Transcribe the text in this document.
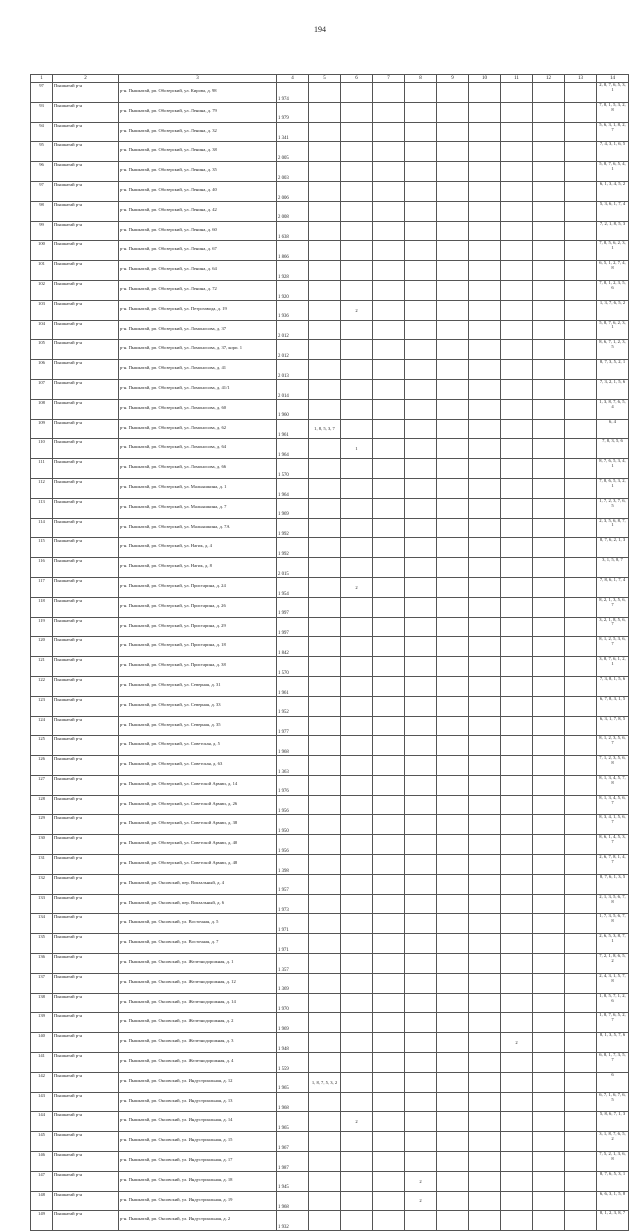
194
1	2	3	4	5	6	7	8	9	10	11	12	13	14
97	Пышкатай р-н	р-н. Пышкатай, рп. Обозерский, ул. Кирова, д. 98	1 974										2, 8, 7, 6, 5, 3, 1
93	Пышкатай р-н	р-н. Пышкатай, рп. Обозерский, ул. Ленина, д. 79	1 979										7, 8, 1, 5, 3, 2, 8
94	Пышкатай р-н	р-н. Пышкатай, рп. Обозерский, ул. Ленина, д. 32	1 341										5, 6, 3, 1, 8, 2, 7
95	Пышкатай р-н	р-н. Пышкатай, рп. Обозерский, ул. Ленина, д. 38	2 005										7, 4, 3, 1, 6, 5
96	Пышкатай р-н	р-н. Пышкатай, рп. Обозерский, ул. Ленина, д. 35	2 003										5, 8, 7, 6, 5, 4, 1
97	Пышкатай р-н	р-н. Пышкатай, рп. Обозерский, ул. Ленина, д. 40	2 006										6, 1, 3, 4, 5, 2
98	Пышкатай р-н	р-н. Пышкатай, рп. Обозерский, ул. Ленина, д. 42	2 008										5, 3, 6, 1, 7, 4
99	Пышкатай р-н	р-н. Пышкатай, рп. Обозерский, ул. Ленина, д. 60	1 638										7, 2, 1, 8, 5, 3
100	Пышкатай р-н	р-н. Пышкатай, рп. Обозерский, ул. Ленина, д. 67	1 866										7, 8, 5, 6, 2, 3, 1
101	Пышкатай р-н	р-н. Пышкатай, рп. Обозерский, ул. Ленина, д. 64	1 928										6, 5, 1, 2, 7, 4, 8
102	Пышкатай р-н	р-н. Пышкатай, рп. Обозерский, ул. Ленина, д. 72	1 920										7, 8, 1, 2, 3, 5, 6
103	Пышкатай р-н	р-н. Пышкатай, рп. Обозерский, ул. Петрозавода, д. 19	1 936		2								1, 3, 7, 6, 5, 2
104	Пышкатай р-н	р-н. Пышкатай, рп. Обозерский, ул. Ломоносова, д. 37	2 012										5, 8, 7, 6, 2, 3, 1
105	Пышкатай р-н	р-н. Пышкатай, рп. Обозерский, ул. Ломоносова, д. 37, корп. 1	2 012										8, 6, 7, 1, 2, 3, 5
106	Пышкатай р-н	р-н. Пышкатай, рп. Обозерский, ул. Ломоносова, д. 41	2 013										8, 7, 3, 5, 2, 1
107	Пышкатай р-н	р-н. Пышкатай, рп. Обозерский, ул. Ломоносова, д. 41/1	2 014										7, 3, 2, 1, 5, 6
108	Пышкатай р-н	р-н. Пышкатай, рп. Обозерский, ул. Ломоносова, д. 60	1 960										1, 3, 8, 7, 6, 5, 4
109	Пышкатай р-н	р-н. Пышкатай, рп. Обозерский, ул. Ломоносова, д. 62	1 961	1, 8, 5, 3, 7									6, 4
110	Пышкатай р-н	р-н. Пышкатай, рп. Обозерский, ул. Ломоносова, д. 64	1 964		1								7, 8, 3, 5, 6
111	Пышкатай р-н	р-н. Пышкатай, рп. Обозерский, ул. Ломоносова, д. 66	1 570										8, 7, 6, 5, 3, 4, 1
112	Пышкатай р-н	р-н. Пышкатай, рп. Обозерский, ул. Мальышкина, д. 1	1 964										7, 8, 6, 5, 3, 2, 1
113	Пышкатай р-н	р-н. Пышкатай, рп. Обозерский, ул. Мальышкина, д. 7	1 969										1, 7, 2, 3, 7, 6, 5
114	Пышкатай р-н	р-н. Пышкатай, рп. Обозерский, ул. Мальышкина, д. 7А	1 992										2, 3, 5, 6, 8, 7, 1
115	Пышкатай р-н	р-н. Пышкатай, рп. Обозерский, ул. Нагик, д. 4	1 992										8, 7, 6, 2, 1, 3
116	Пышкатай р-н	р-н. Пышкатай, рп. Обозерский, ул. Нагик, д. 8	2 015										3, 1, 5, 8, 7
117	Пышкатай р-н	р-н. Пышкатай, рп. Обозерский, ул. Пристарина, д. 24	1 954		2								7, 8, 6, 1, 7, 4
118	Пышкатай р-н	р-н. Пышкатай, рп. Обозерский, ул. Пристарина, д. 26	1 997										8, 2, 1, 3, 5, 6, 7
119	Пышкатай р-н	р-н. Пышкатай, рп. Обозерский, ул. Пристарина, д. 29	1 997										3, 2, 1, 8, 5, 6, 7
120	Пышкатай р-н	р-н. Пышкатай, рп. Обозерский, ул. Пристарина, д. 18	1 842										8, 1, 2, 5, 3, 6, 7
121	Пышкатай р-н	р-н. Пышкатай, рп. Обозерский, ул. Пристарина, д. 38	1 570										3, 8, 7, 6, 1, 2, 1
122	Пышкатай р-н	р-н. Пышкатай, рп. Обозерский, ул. Северная, д. 31	1 961										7, 3, 8, 1, 5, 6
123	Пышкатай р-н	р-н. Пышкатай, рп. Обозерский, ул. Северная, д. 33	1 952										6, 7, 8, 3, 1, 5
124	Пышкатай р-н	р-н. Пышкатай, рп. Обозерский, ул. Северная, д. 35	1 977										6, 3, 1, 7, 8, 5
125	Пышкатай р-н	р-н. Пышкатай, рп. Обозерский, ул. Советская, д. 5	1 968										8, 1, 2, 3, 5, 6, 7
126	Пышкатай р-н	р-н. Пышкатай, рп. Обозерский, ул. Советская, д. 63	1 363										7, 1, 2, 3, 5, 6, 8
127	Пышкатай р-н	р-н. Пышкатай, рп. Обозерский, ул. Советской Армии, д. 14	1 976										8, 1, 3, 4, 5, 7, 8
128	Пышкатай р-н	р-н. Пышкатай, рп. Обозерский, ул. Советской Армии, д. 26	1 956										8, 1, 3, 4, 5, 6, 7
129	Пышкатай р-н	р-н. Пышкатай, рп. Обозерский, ул. Советской Армии, д. 38	1 950										8, 3, 4, 1, 5, 6, 7
130	Пышкатай р-н	р-н. Пышкатай, рп. Обозерский, ул. Советской Армии, д. 40	1 956										8, 6, 1, 4, 5, 3, 7
131	Пышкатай р-н	р-н. Пышкатай, рп. Обозерский, ул. Советской Армии, д. 48	1 398										2, 6, 7, 8, 1, 4, 7
132	Пышкатай р-н	р-н. Пышкатай, рп. Оксовский, пер. Вокзальный, д. 4	1 957										8, 7, 6, 1, 3, 5
133	Пышкатай р-н	р-н. Пышкатай, рп. Оксовский, пер. Вокзальный, д. 6	1 973										2, 1, 3, 5, 6, 7, 8
134	Пышкатай р-н	р-н. Пышкатай, рп. Оксовский, ул. Восточная, д. 5	1 971										1, 7, 3, 5, 6, 7, 8
135	Пышкатай р-н	р-н. Пышкатай, рп. Оксовский, ул. Восточная, д. 7	1 971										2, 6, 5, 3, 8, 7, 1
136	Пышкатай р-н	р-н. Пышкатай, рп. Оксовский, ул. Железнодорожная, д. 1	1 357										7, 2, 1, 8, 6, 5, 2
137	Пышкатай р-н	р-н. Пышкатай, рп. Оксовский, ул. Железнодорожная, д. 12	1 369										2, 4, 3, 1, 5, 7, 8
138	Пышкатай р-н	р-н. Пышкатай, рп. Оксовский, ул. Железнодорожная, д. 14	1 970										1, 8, 5, 7, 1, 2, 6
139	Пышкатай р-н	р-н. Пышкатай, рп. Оксовский, ул. Железнодорожная, д. 2	1 969										1, 8, 7, 6, 5, 2, 7
140	Пышкатай р-н	р-н. Пышкатай, рп. Оксовский, ул. Железнодорожная, д. 3	1 948							2			8, 1, 3, 5, 7, 6
141	Пышкатай р-н	р-н. Пышкатай, рп. Оксовский, ул. Железнодорожная, д. 4	1 559										6, 8, 1, 7, 3, 5, 7
142	Пышкатай р-н	р-н. Пышкатай, рп. Оксовский, ул. Индустриальная, д. 12	1 965	1, 8, 7, 5, 3, 2									6
143	Пышкатай р-н	р-н. Пышкатай, рп. Оксовский, ул. Индустриальная, д. 13	1 968										6, 7, 1, 6, 7, 6, 5
144	Пышкатай р-н	р-н. Пышкатай, рп. Оксовский, ул. Индустриальная, д. 14	1 965		2								5, 8, 6, 7, 1, 3
145	Пышкатай р-н	р-н. Пышкатай, рп. Оксовский, ул. Индустриальная, д. 15	1 967										3, 1, 8, 7, 6, 5, 2
146	Пышкатай р-н	р-н. Пышкатай, рп. Оксовский, ул. Индустриальная, д. 17	1 987										7, 5, 2, 1, 3, 6, 8
147	Пышкатай р-н	р-н. Пышкатай, рп. Оксовский, ул. Индустриальная, д. 18	1 945				2						8, 7, 6, 5, 3, 1
148	Пышкатай р-н	р-н. Пышкатай, рп. Оксовский, ул. Индустриальная, д. 19	1 968				2						6, 6, 3, 1, 5, 8
149	Пышкатай р-н	р-н. Пышкатай, рп. Оксовский, ул. Индустриальная, д. 2	1 932										8, 1, 2, 3, 8, 7
